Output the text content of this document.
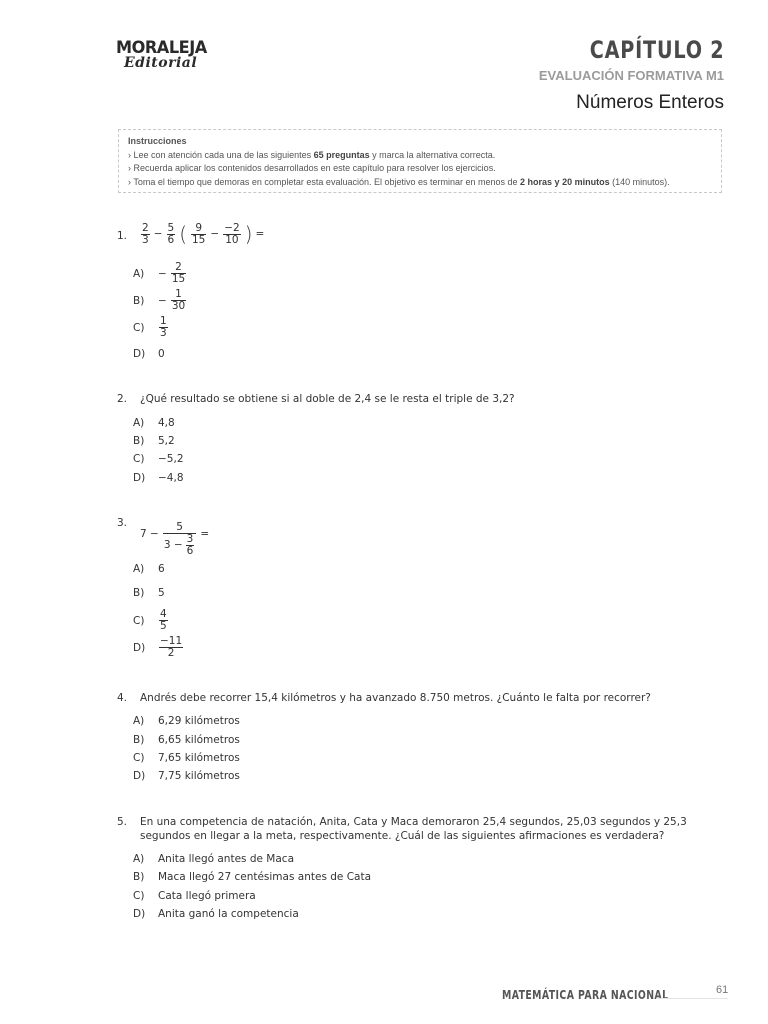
MORALEJA
Editorial	CAPÍTULO 2
EVALUACIÓN FORMATIVA M1
Números Enteros
Instrucciones
› Lee con atención cada una de las siguientes 65 preguntas y marca la alternativa correcta.
› Recuerda aplicar los contenidos desarrollados en este capítulo para resolver los ejercicios.
› Toma el tiempo que demoras en completar esta evaluación. El objetivo es terminar en menos de 2 horas y 20 minutos (140 minutos).
1. $\frac{2}{3} - \frac{5}{6}$ ( $\frac{9}{15} - \frac{-2}{10}$ ) =
$A) - \frac{2}{15}$
$B) - \frac{1}{30}$
$C) \frac{1}{3}$
D) 0
2. ¿Qué resultado se obtiene si al doble de 2,4 se le resta el triple de 3,2?
A) 4,8
B) 5,2
C) −5,2
D) −4,8
3.
$7 - \frac{5}{3 - \frac{3}{6}}$ =
A) 6
B) 5
$C) \frac{4}{5}$
$D) \frac{-11}{2}$
4. Andrés debe recorrer 15,4 kilómetros y ha avanzado 8.750 metros. ¿Cuánto le falta por recorrer?
A) 6,29 kilómetros
B) 6,65 kilómetros
C) 7,65 kilómetros
D) 7,75 kilómetros
5. En una competencia de natación, Anita, Cata y Maca demoraron 25,4 segundos, 25,03 segundos y 25,3
segundos en llegar a la meta, respectivamente. ¿Cuál de las siguientes afirmaciones es verdadera?
A) Anita llegó antes de Maca
B) Maca llegó 27 centésimas antes de Cata
C) Cata llegó primera
D) Anita ganó la competencia
MATEMÁTICA PARA NACIONAL	61
